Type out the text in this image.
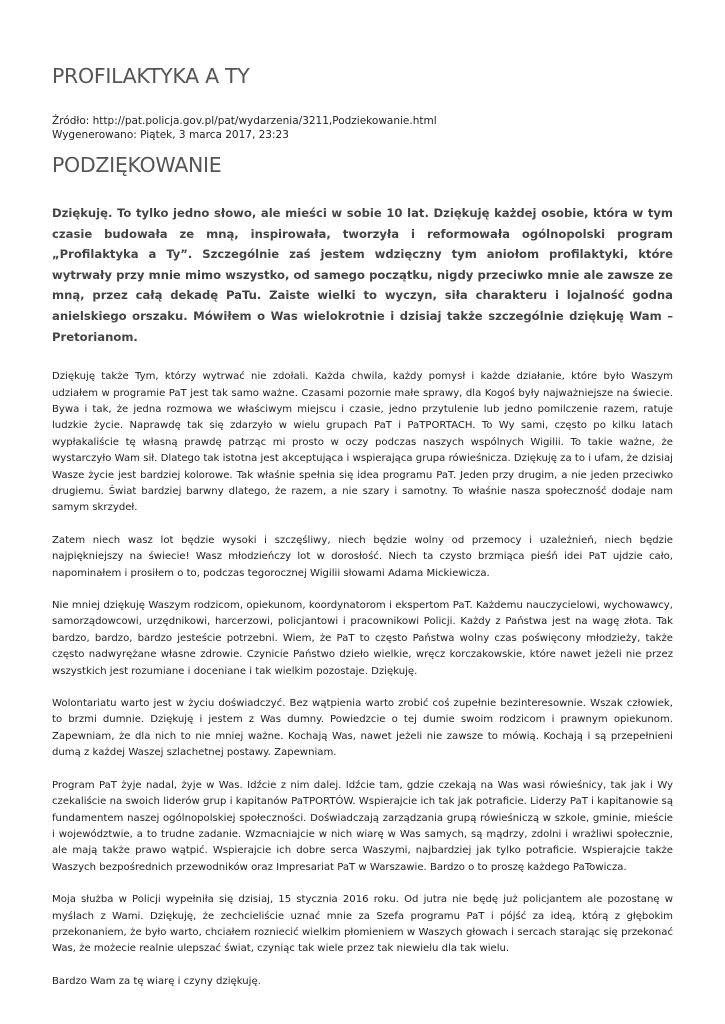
PROFILAKTYKA A TY
Źródło: http://pat.policja.gov.pl/pat/wydarzenia/3211,Podziekowanie.html
Wygenerowano: Piątek, 3 marca 2017, 23:23
PODZIĘKOWANIE

Dziękuję. To tylko jedno słowo, ale mieści w sobie 10 lat. Dziękuję każdej osobie, która w tym czasie budowała ze mną, inspirowała, tworzyła i reformowała ogólnopolski program „Profilaktyka a Ty”. Szczególnie zaś jestem wdzięczny tym aniołom profilaktyki, które wytrwały przy mnie mimo wszystko, od samego początku, nigdy przeciwko mnie ale zawsze ze mną, przez całą dekadę PaTu. Zaiste wielki to wyczyn, siła charakteru i lojalność godna anielskiego orszaku. Mówiłem o Was wielokrotnie i dzisiaj także szczególnie dziękuję Wam – Pretorianom.

Dziękuję także Tym, którzy wytrwać nie zdołali. Każda chwila, każdy pomysł i każde działanie, które było Waszym udziałem w programie PaT jest tak samo ważne. Czasami pozornie małe sprawy, dla Kogoś były najważniejsze na świecie. Bywa i tak, że jedna rozmowa we właściwym miejscu i czasie, jedno przytulenie lub jedno pomilczenie razem, ratuje ludzkie życie. Naprawdę tak się zdarzyło w wielu grupach PaT i PaTPORTACH. To Wy sami, często po kilku latach wypłakaliście tę własną prawdę patrząc mi prosto w oczy podczas naszych wspólnych Wigilii. To takie ważne, że wystarczyło Wam sił. Dlatego tak istotna jest akceptująca i wspierająca grupa rówieśnicza. Dziękuję za to i ufam, że dzisiaj Wasze życie jest bardziej kolorowe. Tak właśnie spełnia się idea programu PaT. Jeden przy drugim, a nie jeden przeciwko drugiemu. Świat bardziej barwny dlatego, że razem, a nie szary i samotny. To właśnie nasza społeczność dodaje nam samym skrzydeł.

Zatem niech wasz lot będzie wysoki i szczęśliwy, niech będzie wolny od przemocy i uzależnień, niech będzie najpiękniejszy na świecie! Wasz młodzieńczy lot w dorosłość. Niech ta czysto brzmiąca pieśń idei PaT ujdzie cało, napominałem i prosiłem o to, podczas tegorocznej Wigilii słowami Adama Mickiewicza.

Nie mniej dziękuję Waszym rodzicom, opiekunom, koordynatorom i ekspertom PaT. Każdemu nauczycielowi, wychowawcy, samorządowcowi, urzędnikowi, harcerzowi, policjantowi i pracownikowi Policji. Każdy z Państwa jest na wagę złota. Tak bardzo, bardzo, bardzo jesteście potrzebni. Wiem, że PaT to często Państwa wolny czas poświęcony młodzieży, także często nadwyrężane własne zdrowie. Czynicie Państwo dzieło wielkie, wręcz korczakowskie, które nawet jeżeli nie przez wszystkich jest rozumiane i doceniane i tak wielkim pozostaje. Dziękuję.

Wolontariatu warto jest w życiu doświadczyć. Bez wątpienia warto zrobić coś zupełnie bezinteresownie. Wszak człowiek, to brzmi dumnie. Dziękuję i jestem z Was dumny. Powiedzcie o tej dumie swoim rodzicom i prawnym opiekunom. Zapewniam, że dla nich to nie mniej ważne. Kochają Was, nawet jeżeli nie zawsze to mówią. Kochają i są przepełnieni dumą z każdej Waszej szlachetnej postawy. Zapewniam.

Program PaT żyje nadal, żyje w Was. Idźcie z nim dalej. Idźcie tam, gdzie czekają na Was wasi rówieśnicy, tak jak i Wy czekaliście na swoich liderów grup i kapitanów PaTPORTÓW. Wspierajcie ich tak jak potraficie. Liderzy PaT i kapitanowie są fundamentem naszej ogólnopolskiej społeczności. Doświadczają zarządzania grupą rówieśniczą w szkole, gminie, mieście i województwie, a to trudne zadanie. Wzmacniajcie w nich wiarę w Was samych, są mądrzy, zdolni i wrażliwi społecznie, ale mają także prawo wątpić. Wspierajcie ich dobre serca Waszymi, najbardziej jak tylko potraficie. Wspierajcie także Waszych bezpośrednich przewodników oraz Impresariat PaT w Warszawie. Bardzo o to proszę każdego PaTowicza.

Moja służba w Policji wypełniła się dzisiaj, 15 stycznia 2016 roku. Od jutra nie będę już policjantem ale pozostanę w myślach z Wami. Dziękuję, że zechcieliście uznać mnie za Szefa programu PaT i pójść za ideą, którą z głębokim przekonaniem, że było warto, chciałem rozniecić wielkim płomieniem w Waszych głowach i sercach starając się przekonać Was, że możecie realnie ulepszać świat, czyniąc tak wiele przez tak niewielu dla tak wielu.

Bardzo Wam za tę wiarę i czyny dziękuję.
